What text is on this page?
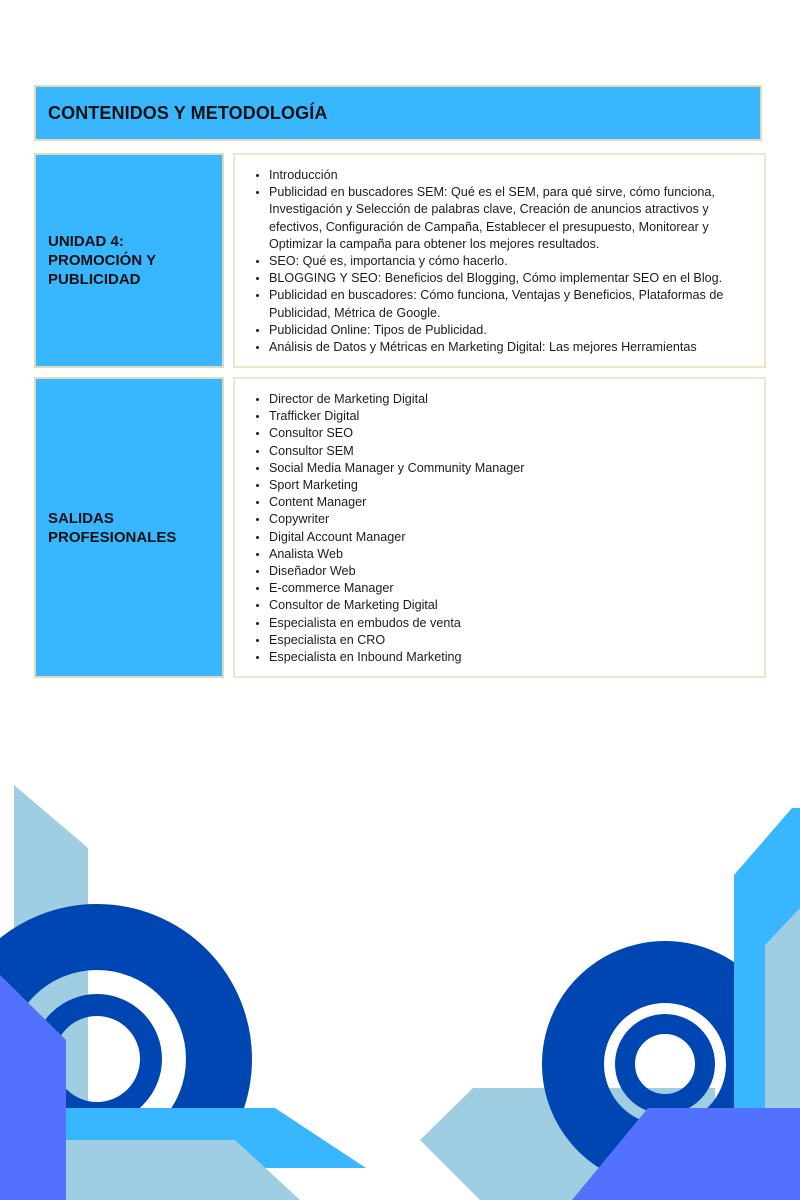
CONTENIDOS Y METODOLOGÍA
UNIDAD 4:
PROMOCIÓN Y
PUBLICIDAD
• Introducción
• Publicidad en buscadores SEM: Qué es el SEM, para qué sirve, cómo funciona, Investigación y Selección de palabras clave, Creación de anuncios atractivos y efectivos, Configuración de Campaña, Establecer el presupuesto, Monitorear y Optimizar la campaña para obtener los mejores resultados.
• SEO: Qué es, importancia y cómo hacerlo.
• BLOGGING Y SEO: Beneficios del Blogging, Cómo implementar SEO en el Blog.
• Publicidad en buscadores: Cómo funciona, Ventajas y Beneficios, Plataformas de Publicidad, Métrica de Google.
• Publicidad Online: Tipos de Publicidad.
• Análisis de Datos y Métricas en Marketing Digital: Las mejores Herramientas
SALIDAS
PROFESIONALES
• Director de Marketing Digital
• Trafficker Digital
• Consultor SEO
• Consultor SEM
• Social Media Manager y Community Manager
• Sport Marketing
• Content Manager
• Copywriter
• Digital Account Manager
• Analista Web
• Diseñador Web
• E-commerce Manager
• Consultor de Marketing Digital
• Especialista en embudos de venta
• Especialista en CRO
• Especialista en Inbound Marketing
